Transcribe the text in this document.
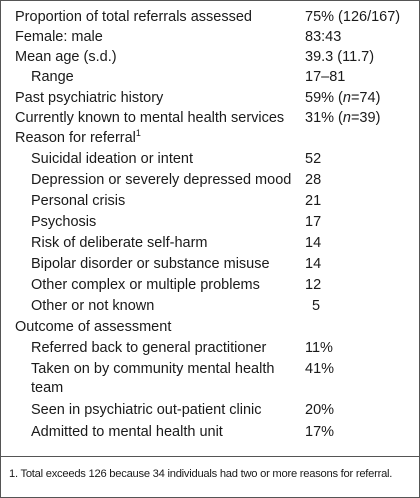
Proportion of total referrals assessed	75% (126/167)
Female: male	83:43
Mean age (s.d.)	39.3 (11.7)
Range	17–81
Past psychiatric history	59% (n=74)
Currently known to mental health services 31% (n=39)
Reason for referral$^1$
Suicidal ideation or intent	52
Depression or severely depressed mood 28
Personal crisis	21
Psychosis	17
Risk of deliberate self-harm	14
Bipolar disorder or substance misuse 14
Other complex or multiple problems	12
Other or not known	5
Outcome of assessment
Referred back to general practitioner	11%
Taken on by community mental health team
41%
Seen in psychiatric out-patient clinic	20%
Admitted to mental health unit	17%
1. Total exceeds 126 because 34 individuals had two or more reasons for referral.
